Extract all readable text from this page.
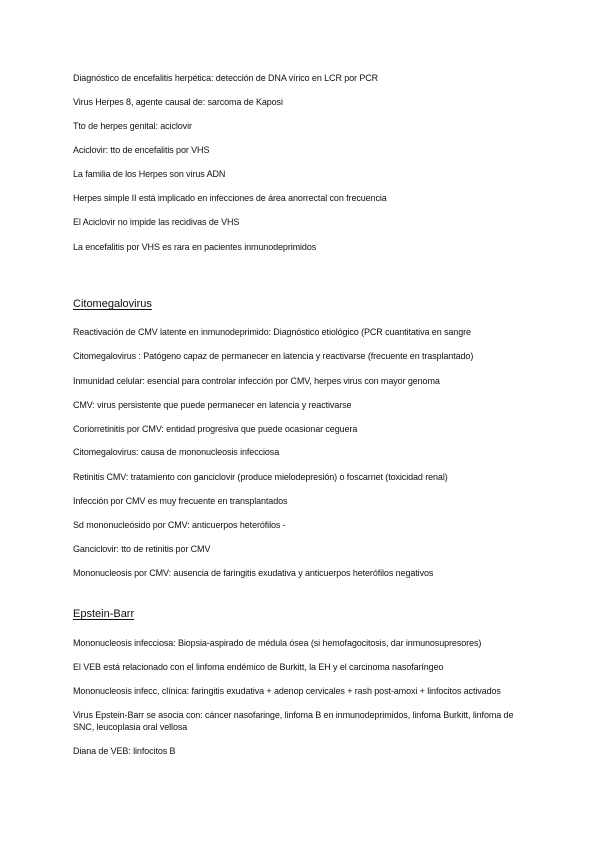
Diagnóstico de encefalitis herpética: detección de DNA vírico en LCR por PCR
Virus Herpes 8, agente causal de: sarcoma de Kaposi
Tto de herpes genital: aciclovir
Aciclovir: tto de encefalitis por VHS
La familia de los Herpes son virus ADN
Herpes simple II está implicado en infecciones de área anorrectal con frecuencia
El Aciclovir no impide las recidivas de VHS
La encefalitis por VHS es rara en pacientes inmunodeprimidos
Citomegalovirus
Reactivación de CMV latente en inmunodeprimido: Diagnóstico etiológico (PCR cuantitativa en sangre
Citomegalovirus : Patógeno capaz de permanecer en latencia y reactivarse (frecuente en trasplantado)
Inmunidad celular: esencial para controlar infección por CMV, herpes virus con mayor genoma
CMV: virus persistente que puede permanecer en latencia y reactivarse
Coriorretinitis por CMV: entidad progresiva que puede ocasionar ceguera
Citomegalovirus: causa de mononucleosis infecciosa
Retinitis CMV: tratamiento con ganciclovir (produce mielodepresión) o foscarnet (toxicidad renal)
Infección por CMV es muy frecuente en transplantados
Sd mononucleósido por CMV: anticuerpos heterófilos -
Ganciclovir: tto de retinitis por CMV
Mononucleosis por CMV: ausencia de faringitis exudativa y anticuerpos heterófilos negativos
Epstein-Barr
Mononucleosis infecciosa: Biopsia-aspirado de médula ósea (si hemofagocitosis, dar inmunosupresores)
El VEB está relacionado con el linfoma endémico de Burkitt, la EH y el carcinoma nasofaríngeo
Mononucleosis infecc, clínica: faringitis exudativa + adenop cervicales + rash post-amoxi + linfocitos activados
Virus Epstein-Barr se asocia con: cáncer nasofaringe, linfoma B en inmunodeprimidos, linfoma Burkitt, linfoma de SNC, leucoplasia oral vellosa
Diana de VEB: linfocitos B
